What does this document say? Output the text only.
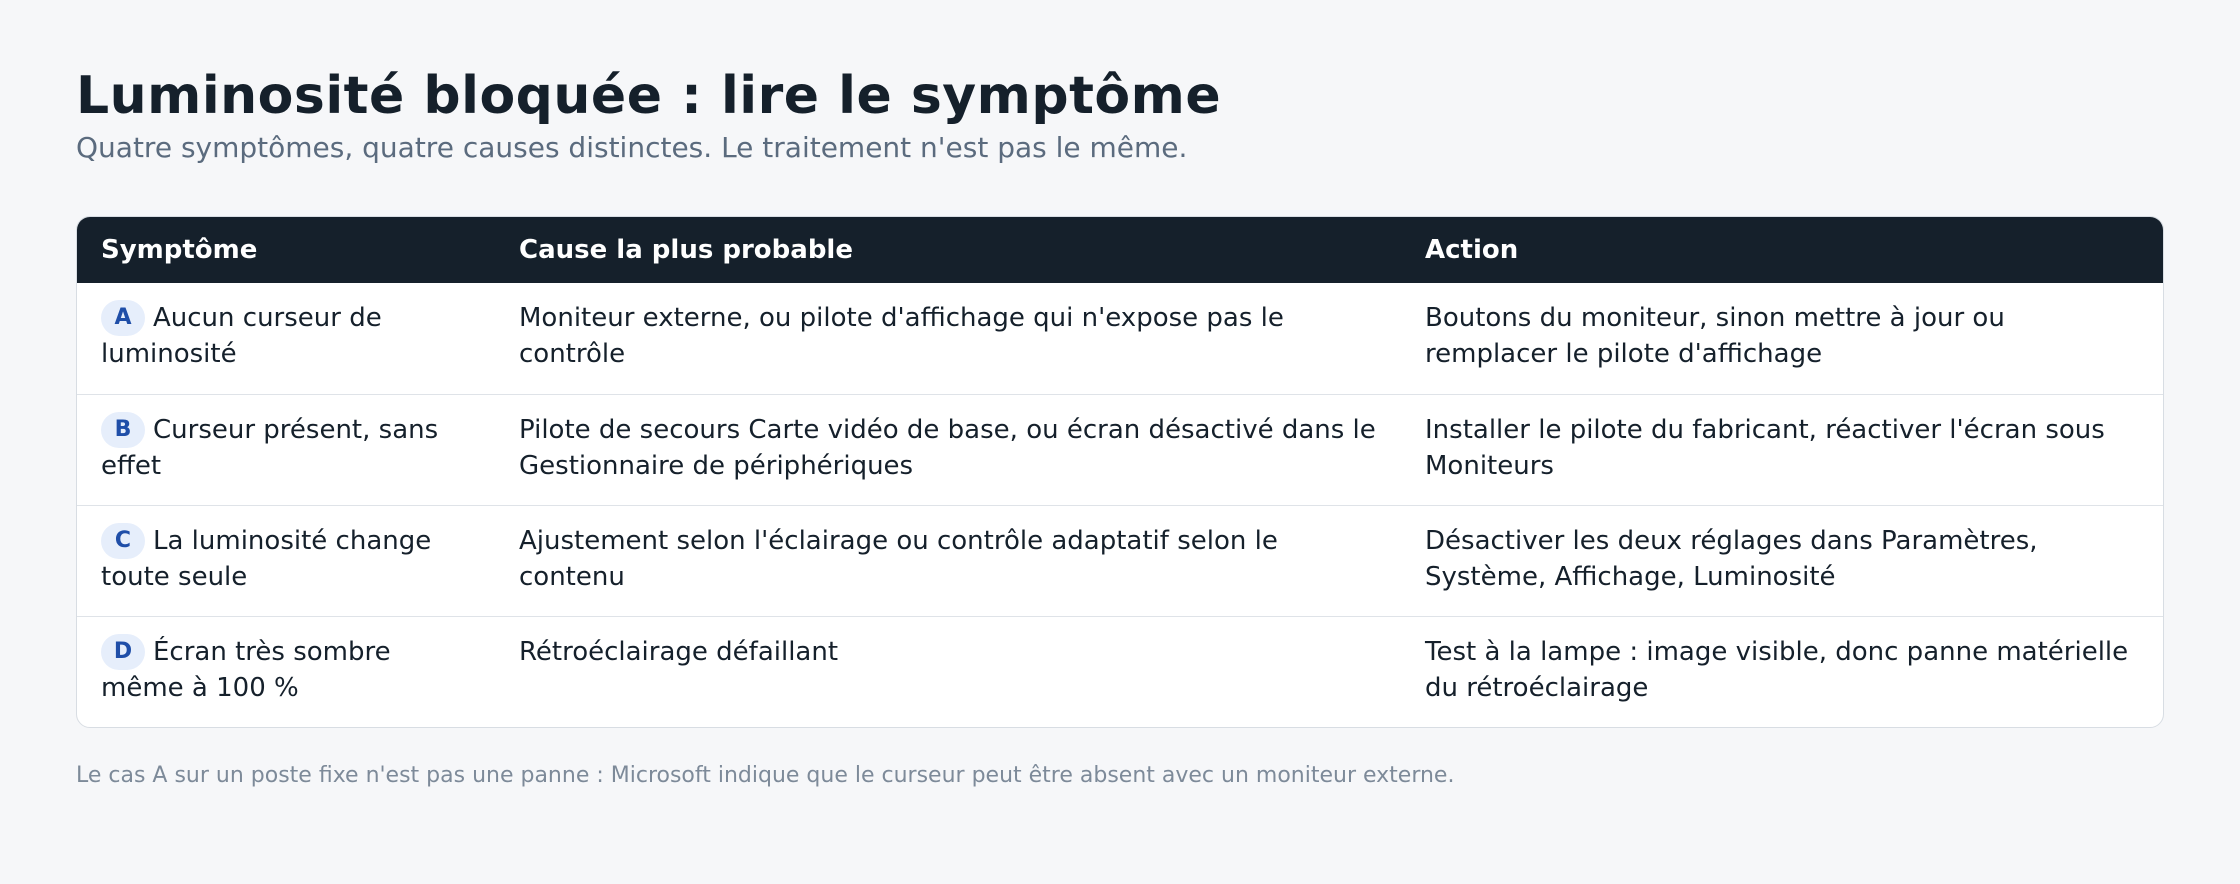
Luminosité bloquée : lire le symptôme

Quatre symptômes, quatre causes distinctes. Le traitement n'est pas le même.

Symptôme	Cause la plus probable	Action
A Aucun curseur de luminosité	Moniteur externe, ou pilote d'affichage qui n'expose pas le contrôle	Boutons du moniteur, sinon mettre à jour ou remplacer le pilote d'affichage
B Curseur présent, sans effet	Pilote de secours Carte vidéo de base, ou écran désactivé dans le Gestionnaire de périphériques	Installer le pilote du fabricant, réactiver l'écran sous Moniteurs
C La luminosité change toute seule	Ajustement selon l'éclairage ou contrôle adaptatif selon le contenu	Désactiver les deux réglages dans Paramètres, Système, Affichage, Luminosité
D Écran très sombre même à 100 %	Rétroéclairage défaillant	Test à la lampe : image visible, donc panne matérielle du rétroéclairage
Le cas A sur un poste fixe n'est pas une panne : Microsoft indique que le curseur peut être absent avec un moniteur externe.
